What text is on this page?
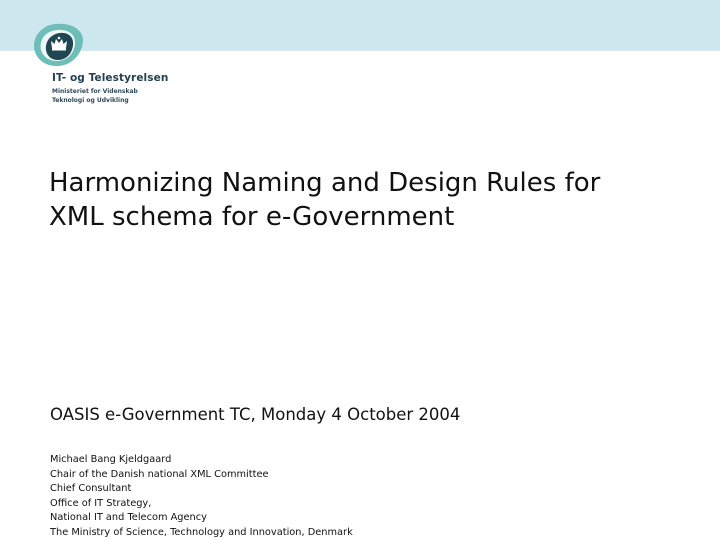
IT- og Telestyrelsen
Ministeriet for Videnskab
Teknologi og Udvikling
Harmonizing Naming and Design Rules for
XML schema for e-Government
OASIS e-Government TC, Monday 4 October 2004
Michael Bang Kjeldgaard
Chair of the Danish national XML Committee
Chief Consultant
Office of IT Strategy,
National IT and Telecom Agency
The Ministry of Science, Technology and Innovation, Denmark
